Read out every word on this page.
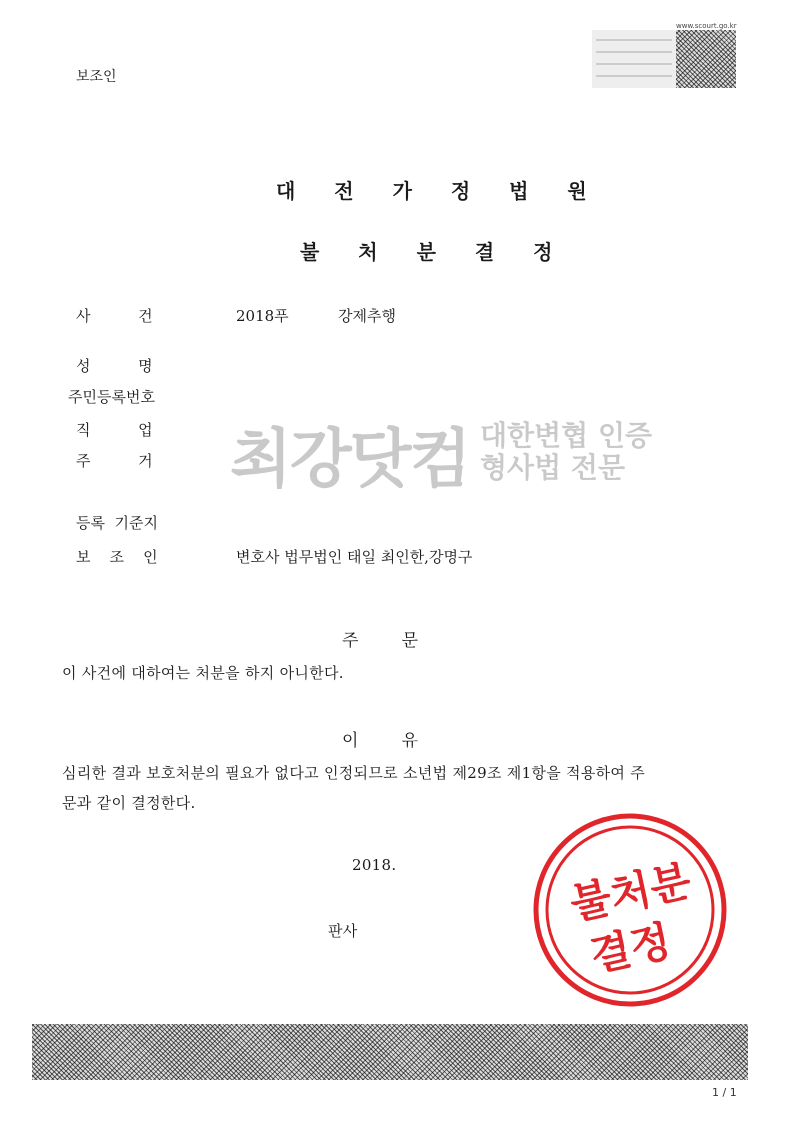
보조인
www.scourt.go.kr
대 전 가 정 법 원
불 처 분 결 정
사          건	2018푸	강제추행
성          명
주민등록번호
직          업
주          거
등록  기준지
보    조    인	변호사 법무법인 태일 최인한,강명구
최강닷컴 대한변협 인증
형사법 전문
주        문
이 사건에 대하여는 처분을 하지 아니한다.
이        유
심리한 결과 보호처분의 필요가 없다고 인정되므로 소년법 제29조 제1항을 적용하여 주
문과 같이 결정한다.
2018.
판사
불처분
결정
1 / 1
